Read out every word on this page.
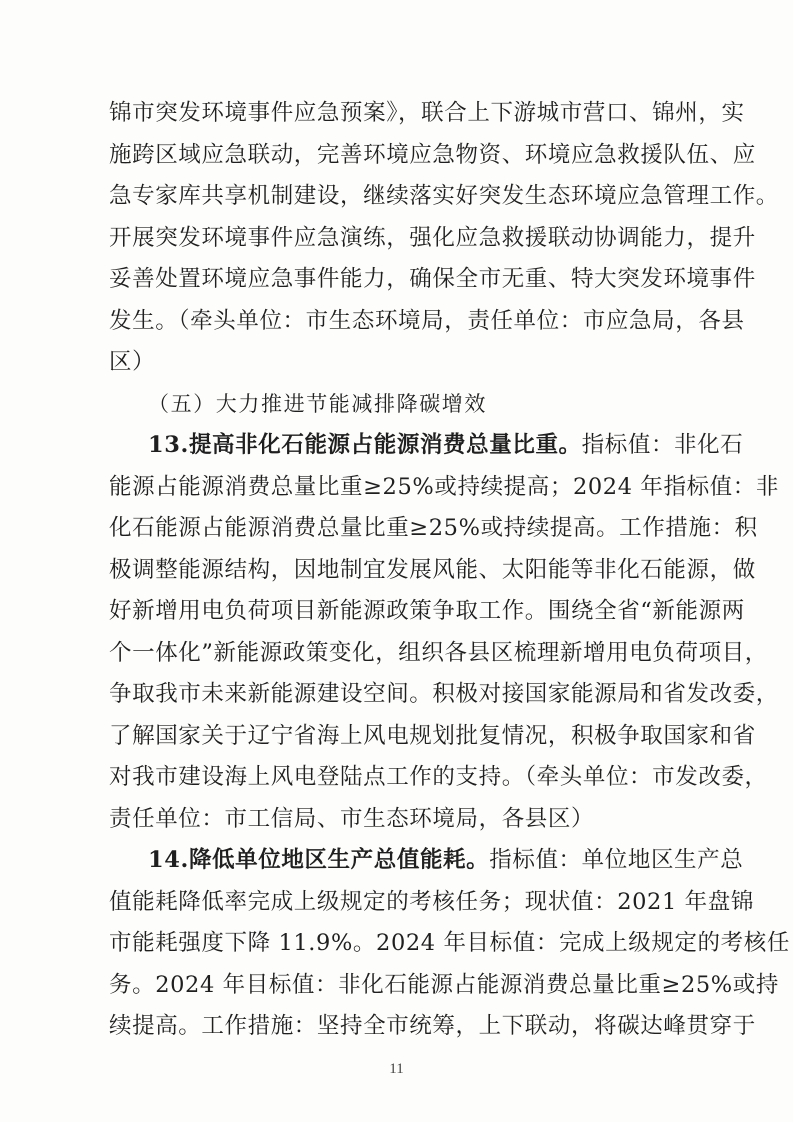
锦市突发环境事件应急预案》，联合上下游城市营口、锦州，实
施跨区域应急联动，完善环境应急物资、环境应急救援队伍、应
急专家库共享机制建设，继续落实好突发生态环境应急管理工作。
开展突发环境事件应急演练，强化应急救援联动协调能力，提升
妥善处置环境应急事件能力，确保全市无重、特大突发环境事件
发生。（牵头单位：市生态环境局，责任单位：市应急局，各县
区）
（五）大力推进节能减排降碳增效
13.提高非化石能源占能源消费总量比重。指标值：非化石
能源占能源消费总量比重≥25%或持续提高；2024 年指标值：非
化石能源占能源消费总量比重≥25%或持续提高。工作措施：积
极调整能源结构，因地制宜发展风能、太阳能等非化石能源，做
好新增用电负荷项目新能源政策争取工作。围绕全省“新能源两
个一体化”新能源政策变化，组织各县区梳理新增用电负荷项目，
争取我市未来新能源建设空间。积极对接国家能源局和省发改委，
了解国家关于辽宁省海上风电规划批复情况，积极争取国家和省
对我市建设海上风电登陆点工作的支持。（牵头单位：市发改委，
责任单位：市工信局、市生态环境局，各县区）
14.降低单位地区生产总值能耗。指标值：单位地区生产总
值能耗降低率完成上级规定的考核任务；现状值：2021 年盘锦
市能耗强度下降 11.9%。2024 年目标值：完成上级规定的考核任
务。2024 年目标值：非化石能源占能源消费总量比重≥25%或持
续提高。工作措施：坚持全市统筹，上下联动，将碳达峰贯穿于
11
